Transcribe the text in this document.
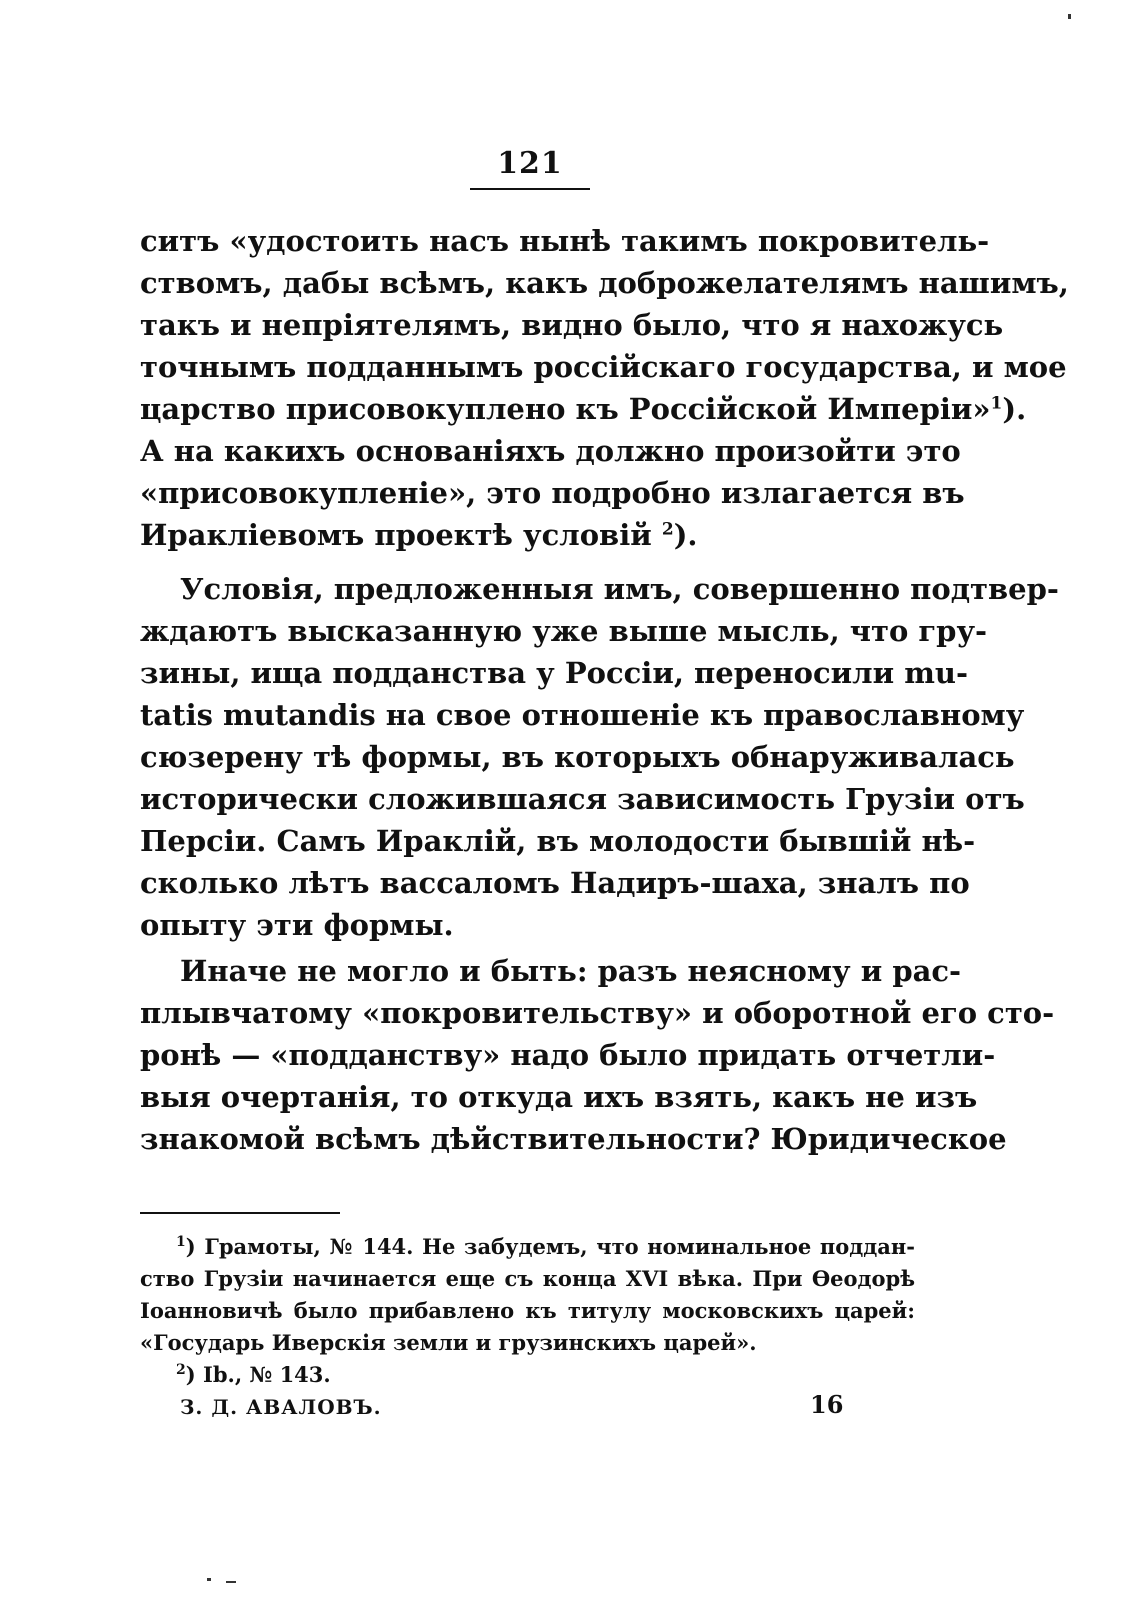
121
ситъ «удостоить насъ нынѣ такимъ покровитель-
ствомъ, дабы всѣмъ, какъ доброжелателямъ нашимъ,
такъ и непріятелямъ, видно было, что я нахожусь
точнымъ подданнымъ россійскаго государства, и мое
царство присовокуплено къ Россійской Имперіи»$^1$).
А на какихъ основаніяхъ должно произойти это
«присовокупленіе», это подробно излагается въ
Ираклiевомъ проектѣ условій $^2$).
Условія, предложенныя имъ, совершенно подтвер-
ждаютъ высказанную уже выше мысль, что гру-
зины, ища подданства у Россіи, переносили mu-
tatis mutandis на свое отношеніе къ православному
сюзерену тѣ формы, въ которыхъ обнаруживалась
исторически сложившаяся зависимость Грузіи отъ
Персіи. Самъ Ираклій, въ молодости бывшій нѣ-
сколько лѣтъ вассаломъ Надиръ-шаха, зналъ по
опыту эти формы.
Иначе не могло и быть: разъ неясному и рас-
плывчатому «покровительству» и оборотной его сто-
ронѣ — «подданству» надо было придать отчетли-
выя очертанія, то откуда ихъ взять, какъ не изъ
знакомой всѣмъ дѣйствительности? Юридическое
$^1$) Грамоты, № 144. Не забудемъ, что номинальное поддан-
ство Грузіи начинается еще съ конца XVI вѣка. При Ѳеодорѣ
Іоанновичѣ было прибавлено къ титулу московскихъ царей:
«Государь Иверскія земли и грузинскихъ царей».
$^2$) Ib., № 143.
З. Д. АВАЛОВЪ.	16
